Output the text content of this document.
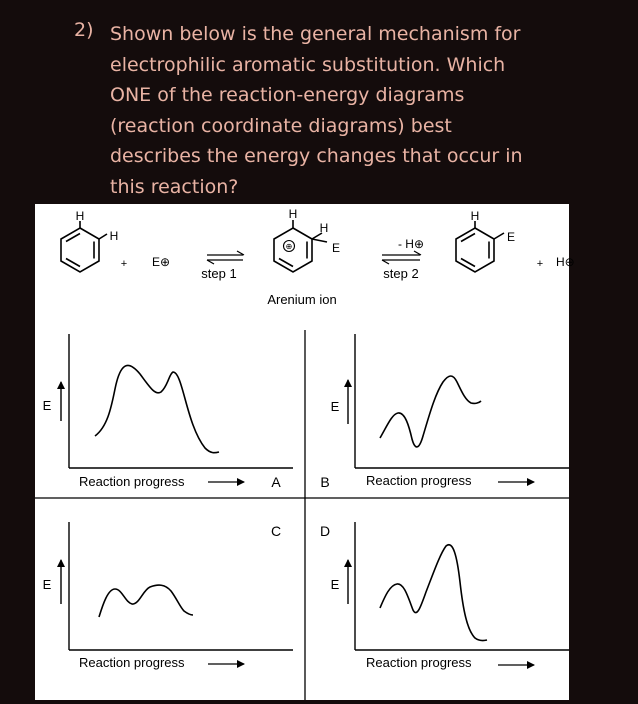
2) Shown below is the general mechanism for
electrophilic aromatic substitution. Which
ONE of the reaction-energy diagrams
(reaction coordinate diagrams) best
describes the energy changes that occur in
this reaction?
H
H
+ E⊕
step 1
⊕
H
H
E
Arenium ion
- H⊕
step 2
H
E
+ H⊕
E
Reaction progress	A
E
Reaction progress
B
E
Reaction progress
C
E
Reaction progress
D
